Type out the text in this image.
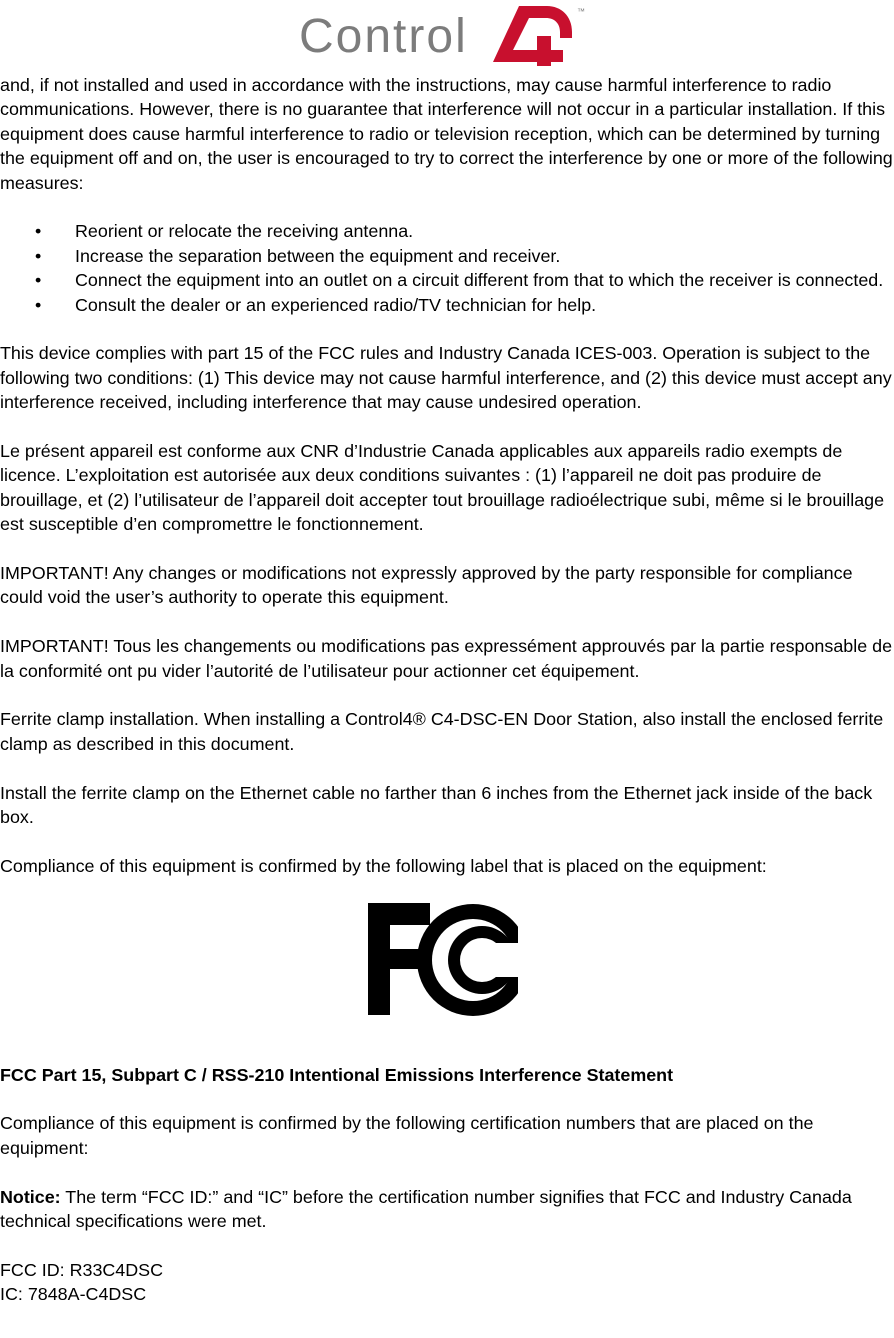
Control	™

and, if not installed and used in accordance with the instructions, may cause harmful interference to radio communications. However, there is no guarantee that interference will not occur in a particular installation. If this equipment does cause harmful interference to radio or television reception, which can be determined by turning the equipment off and on, the user is encouraged to try to correct the interference by one or more of the following measures:

• Reorient or relocate the receiving antenna.
• Increase the separation between the equipment and receiver.
• Connect the equipment into an outlet on a circuit different from that to which the receiver is connected.
• Consult the dealer or an experienced radio/TV technician for help.

This device complies with part 15 of the FCC rules and Industry Canada ICES-003. Operation is subject to the following two conditions: (1) This device may not cause harmful interference, and (2) this device must accept any interference received, including interference that may cause undesired operation.

Le présent appareil est conforme aux CNR d’Industrie Canada applicables aux appareils radio exempts de licence. L’exploitation est autorisée aux deux conditions suivantes : (1) l’appareil ne doit pas produire de brouillage, et (2) l’utilisateur de l’appareil doit accepter tout brouillage radioélectrique subi, même si le brouillage est susceptible d’en compromettre le fonctionnement.

IMPORTANT! Any changes or modifications not expressly approved by the party responsible for compliance could void the user’s authority to operate this equipment.

IMPORTANT! Tous les changements ou modifications pas expressément approuvés par la partie responsable de la conformité ont pu vider l’autorité de l’utilisateur pour actionner cet équipement.

Ferrite clamp installation. When installing a Control4® C4-DSC-EN Door Station, also install the enclosed ferrite clamp as described in this document.

Install the ferrite clamp on the Ethernet cable no farther than 6 inches from the Ethernet jack inside of the back box.

Compliance of this equipment is confirmed by the following label that is placed on the equipment:

FCC Part 15, Subpart C / RSS-210 Intentional Emissions Interference Statement

Compliance of this equipment is confirmed by the following certification numbers that are placed on the equipment:

Notice: The term “FCC ID:” and “IC” before the certification number signifies that FCC and Industry Canada technical specifications were met.

FCC ID: R33C4DSC

IC: 7848A-C4DSC
